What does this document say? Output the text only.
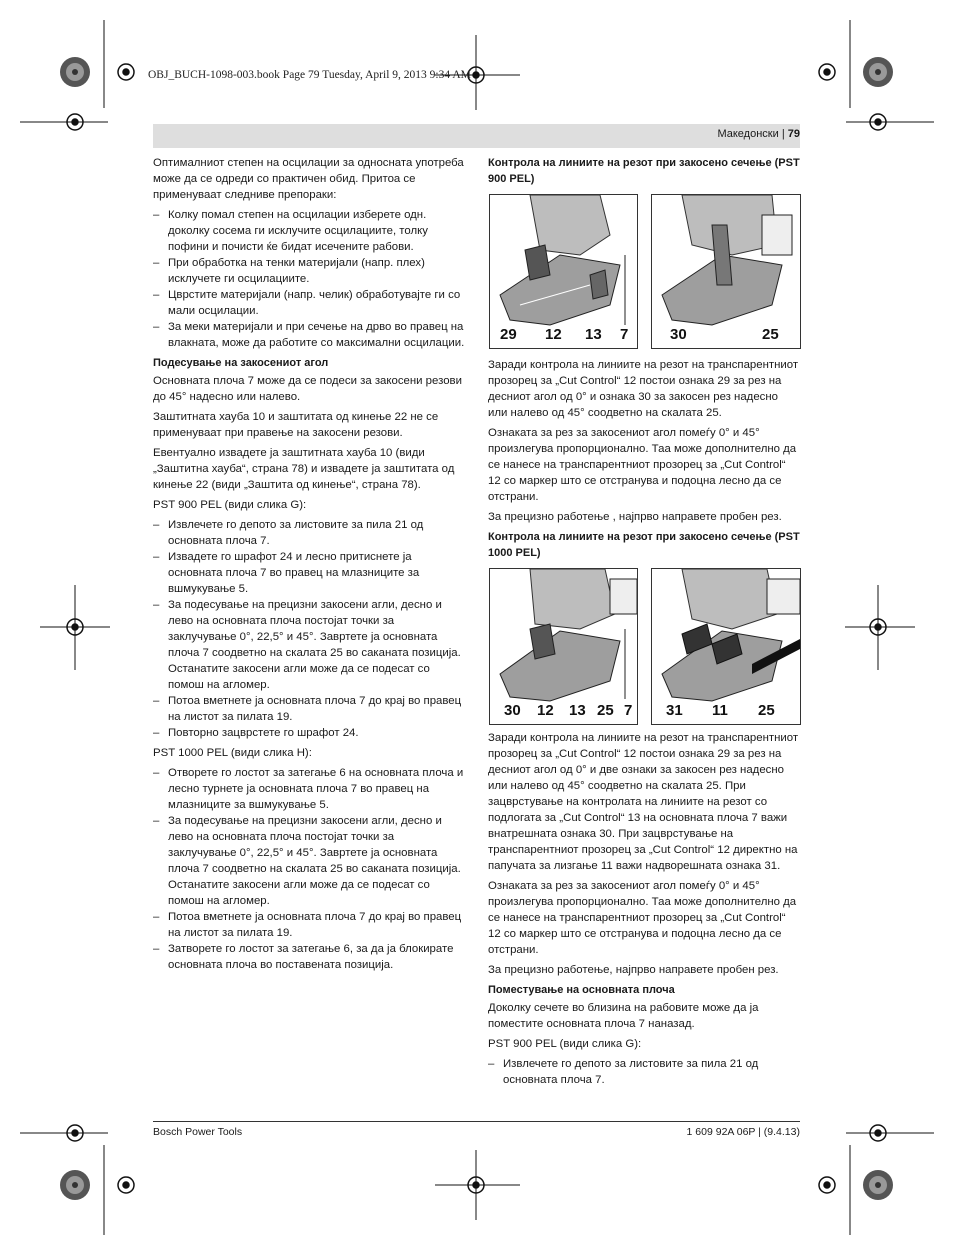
OBJ_BUCH-1098-003.book Page 79 Tuesday, April 9, 2013 9:34 AM
Македонски | 79

Оптималниот степен на осцилации за односната употреба може да се одреди со практичен обид. Притоа се применуваат следниве препораки:

– Колку помал степен на осцилации изберете одн. доколку сосема ги исклучите осцилациите, толку пофини и почисти ќе бидат исечените рабови.
– При обработка на тенки материјали (напр. плех) исклучете ги осцилациите.
– Цврстите материјали (напр. челик) обработувајте ги со мали осцилации.
– За меки материјали и при сечење на дрво во правец на влакната, може да работите со максимални осцилации.
Подесување на закосениот агол

Основната плоча 7 може да се подеси за закосени резови до 45° надесно или налево.

Заштитната хауба 10 и заштитата од кинење 22 не се применуваат при правење на закосени резови.

Евентуално извадете ја заштитната хауба 10 (види „Заштитна хауба“, страна 78) и извадете ја заштитата од кинење 22 (види „Заштита од кинење“, страна 78).

PST 900 PEL (види слика G):

– Извлечете го депото за листовите за пила 21 од основната плоча 7.
– Извадете го шрафот 24 и лесно притиснете ја основната плоча 7 во правец на млазниците за вшмукување 5.
– За подесување на прецизни закосени агли, десно и лево на основната плоча постојат точки за заклучување 0°, 22,5° и 45°. Завртете ја основната плоча 7 соодветно на скалата 25 во саканата позиција. Останатите закосени агли може да се подесат со помош на агломер.
– Потоа вметнете ја основната плоча 7 до крај во правец на листот за пилата 19.
– Повторно зацврстете го шрафот 24.

PST 1000 PEL (види слика H):

– Отворете го лостот за затегање 6 на основната плоча и лесно турнете ја основната плоча 7 во правец на млазниците за вшмукување 5.
– За подесување на прецизни закосени агли, десно и лево на основната плоча постојат точки за заклучување 0°, 22,5° и 45°. Завртете ја основната плоча 7 соодветно на скалата 25 во саканата позиција. Останатите закосени агли може да се подесат со помош на агломер.
– Потоа вметнете ја основната плоча 7 до крај во правец на листот за пилата 19.
– Затворете го лостот за затегање 6, за да ја блокирате основната плоча во поставената позиција.
Контрола на линиите на резот при закосено сечење (PST 900 PEL)
29 12 13 7	30	25

Заради контрола на линиите на резот на транспарентниот прозорец за „Cut Control“ 12 постои ознака 29 за рез на десниот агол од 0° и ознака 30 за закосен рез надесно или налево од 45° соодветно на скалата 25.

Ознаката за рез за закосениот агол помеѓу 0° и 45° произлегува пропорционално. Таа може дополнително да се нанесе на транспарентниот прозорец за „Cut Control“ 12 со маркер што се отстранува и подоцна лесно да се отстрани.

За прецизно работење , најпрво направете пробен рез.

Контрола на линиите на резот при закосено сечење (PST 1000 PEL)
30 12 13 25 7 31 11 25

Заради контрола на линиите на резот на транспарентниот прозорец за „Cut Control“ 12 постои ознака 29 за рез на десниот агол од 0° и две ознаки за закосен рез надесно или налево од 45° соодветно на скалата 25. При зацврстување на контролата на линиите на резот со подлогата за „Cut Control“ 13 на основната плоча 7 важи внатрешната ознака 30. При зацврстување на транспарентниот прозорец за „Cut Control“ 12 директно на папучата за лизгање 11 важи надворешната ознака 31.

Ознаката за рез за закосениот агол помеѓу 0° и 45° произлегува пропорционално. Таа може дополнително да се нанесе на транспарентниот прозорец за „Cut Control“ 12 со маркер што се отстранува и подоцна лесно да се отстрани.

За прецизно работење, најпрво направете пробен рез.

Поместување на основната плоча

Доколку сечете во близина на рабовите може да ја поместите основната плоча 7 наназад.

PST 900 PEL (види слика G):

– Извлечете го депото за листовите за пила 21 од основната плоча 7.
Bosch Power Tools	1 609 92A 06P | (9.4.13)
